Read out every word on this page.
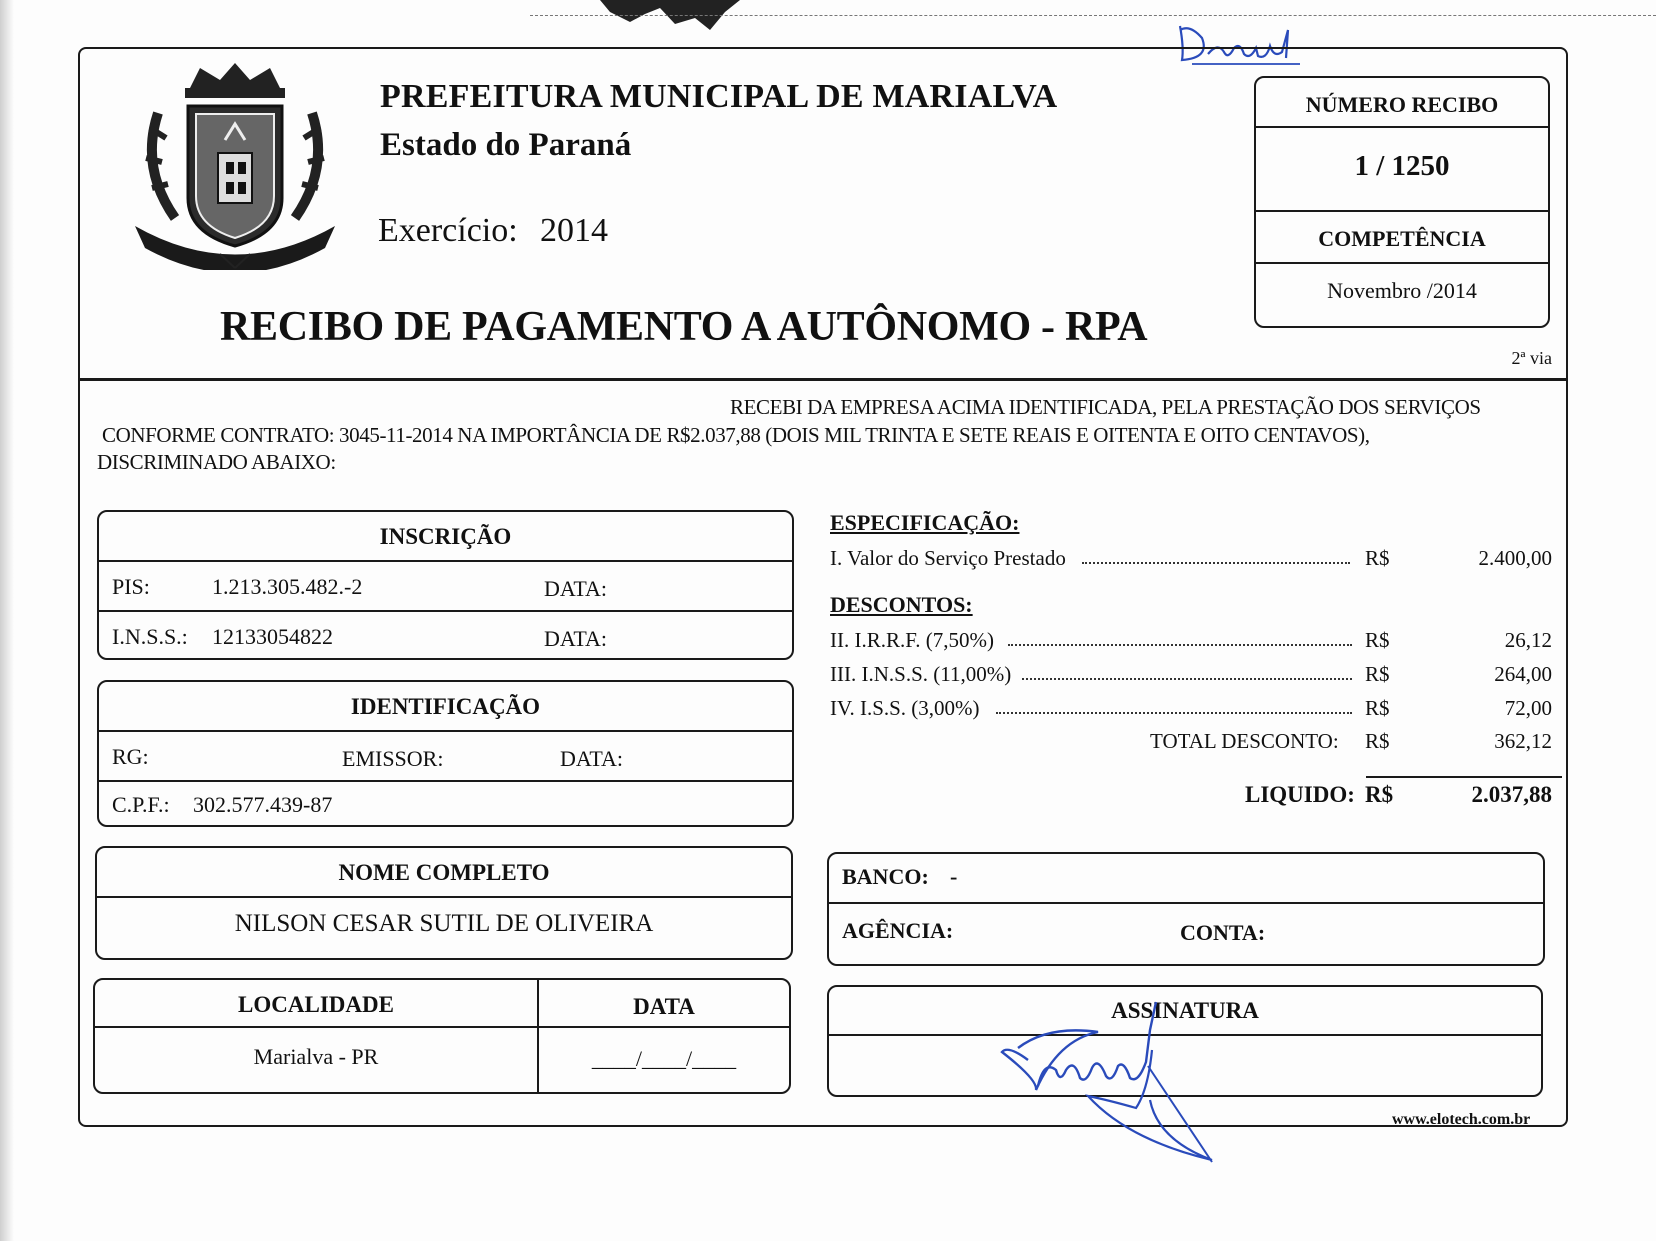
PREFEITURA MUNICIPAL DE MARIALVA
Estado do Paraná
Exercício: 2014
RECIBO DE PAGAMENTO A AUTÔNOMO - RPA
NÚMERO RECIBO
1 / 1250
COMPETÊNCIA
Novembro /2014
2ª via
RECEBI DA EMPRESA ACIMA IDENTIFICADA, PELA PRESTAÇÃO DOS SERVIÇOS
CONFORME CONTRATO: 3045-11-2014 NA IMPORTÂNCIA DE R$2.037,88 (DOIS MIL TRINTA E SETE REAIS E OITENTA E OITO CENTAVOS),
DISCRIMINADO ABAIXO:
INSCRIÇÃO
PIS:	1.213.305.482.-2	DATA:
I.N.S.S.: 12133054822	DATA:
IDENTIFICAÇÃO
RG:	EMISSOR:	DATA:
C.P.F.: 302.577.439-87
NOME COMPLETO
NILSON CESAR SUTIL DE OLIVEIRA
LOCALIDADE
Marialva - PR
DATA
____/____/____
ESPECIFICAÇÃO:
I. Valor do Serviço Prestado	R$	2.400,00
DESCONTOS:
II. I.R.R.F. (7,50%)	R$	26,12
III. I.N.S.S. (11,00%)	R$	264,00
IV. I.S.S. (3,00%)	R$	72,00
TOTAL DESCONTO: R$	362,12
LIQUIDO: R$	2.037,88
BANCO: -
AGÊNCIA:	CONTA:
ASSINATURA
www.elotech.com.br
